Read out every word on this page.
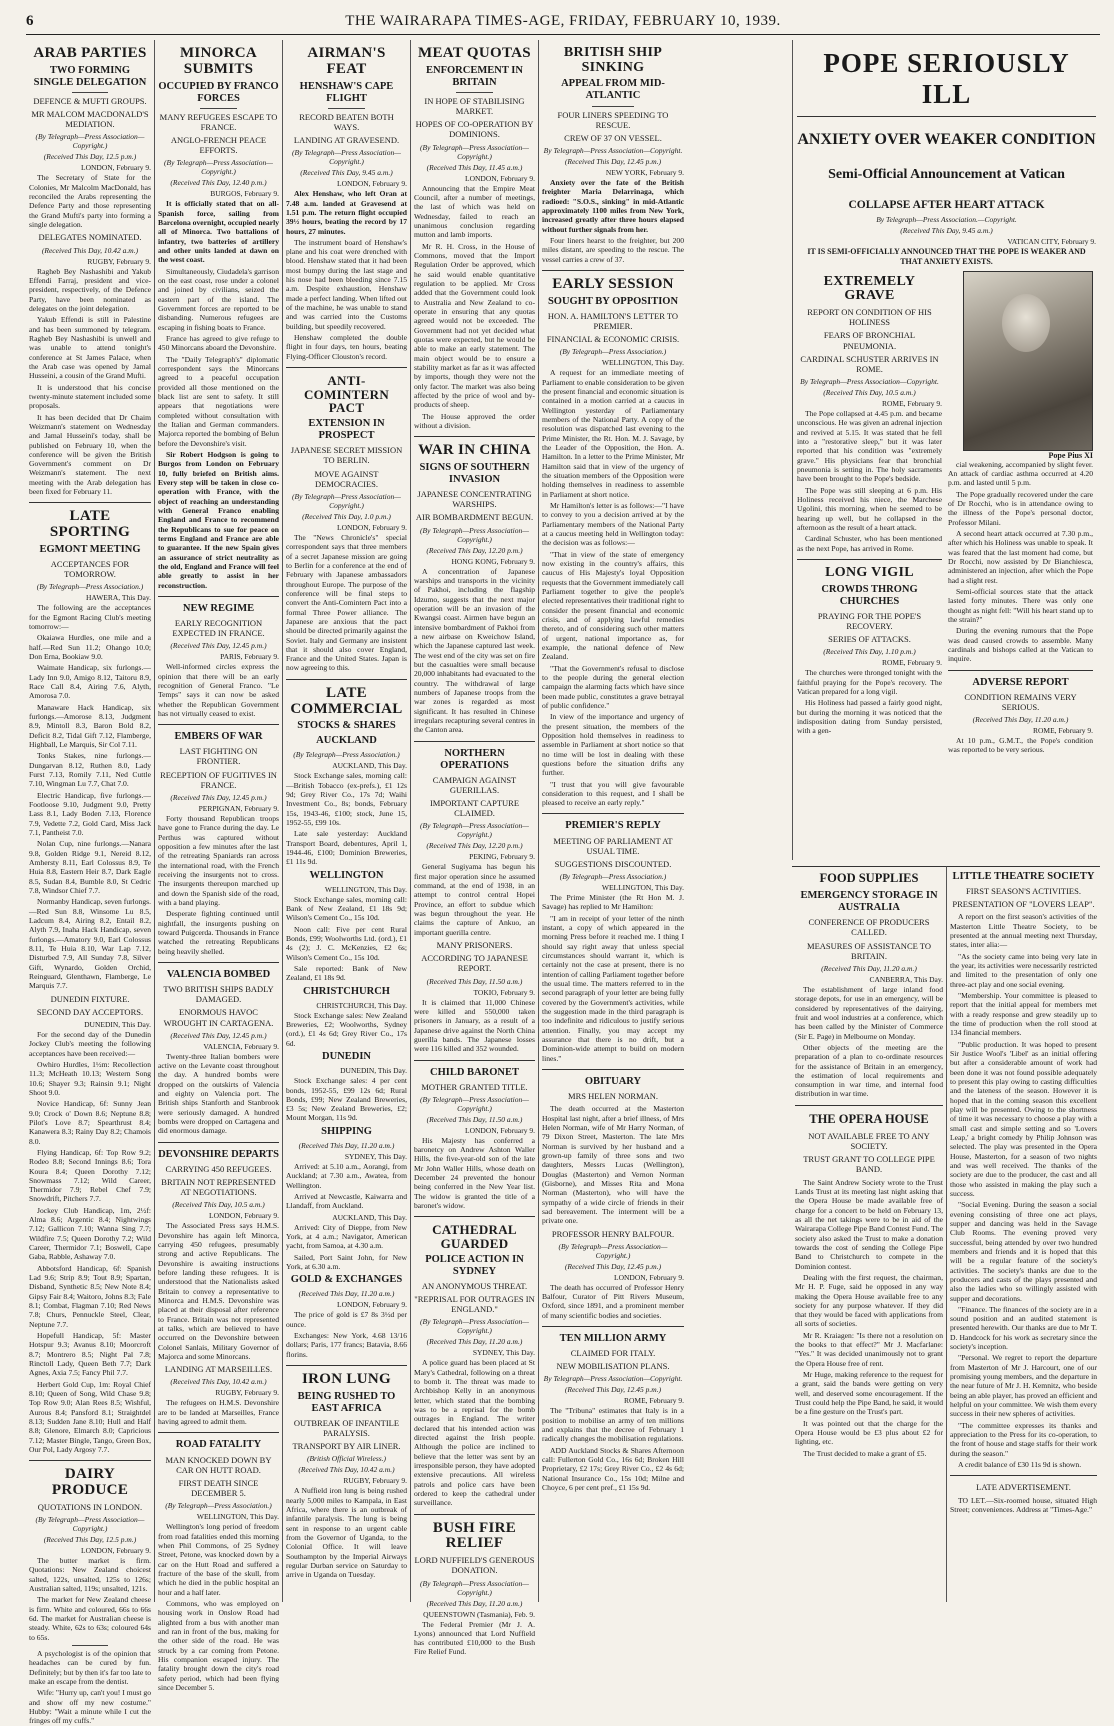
6	THE WAIRARAPA TIMES-AGE, FRIDAY, FEBRUARY 10, 1939.
ARAB PARTIES
TWO FORMING SINGLE DELEGATION
DEFENCE & MUFTI GROUPS.
MR MALCOM MACDONALD'S MEDIATION.
(By Telegraph—Press Association—Copyright.)
(Received This Day, 12.5 p.m.)
LONDON, February 9.

The Secretary of State for the Colonies, Mr Malcolm MacDonald, has reconciled the Arabs representing the Defence Party and those representing the Grand Mufti's party into forming a single delegation.

DELEGATES NOMINATED.
(Received This Day, 10.42 a.m.)
RUGBY, February 9.

Ragheb Bey Nashashibi and Yakub Effendi Farraj, president and vice-president, respectively, of the Defence Party, have been nominated as delegates on the joint delegation.

Yakub Effendi is still in Palestine and has been summoned by telegram. Ragheb Bey Nashashibi is unwell and was unable to attend tonight's conference at St James Palace, when the Arab case was opened by Jamal Husseini, a cousin of the Grand Mufti.

It is understood that his concise twenty-minute statement included some proposals.

It has been decided that Dr Chaim Weizmann's statement on Wednesday and Jamal Husseini's today, shall be published on February 10, when the conference will be given the British Government's comment on Dr Weizmann's statement. The next meeting with the Arab delegation has been fixed for February 11.

LATE SPORTING
EGMONT MEETING
ACCEPTANCES FOR TOMORROW.
(By Telegraph—Press Association.)
HAWERA, This Day.

The following are the acceptances for the Egmont Racing Club's meeting tomorrow:—

Okaiawa Hurdles, one mile and a half.—Red Sun 11.2; Ohango 10.0; Don Erna, Bookiaw 9.0.

Waimate Handicap, six furlongs.—Lady Inn 9.0, Amigo 8.12, Taitoru 8.9, Race Call 8.4, Airing 7.6, Alyth, Amorosa 7.0.

Manaware Hack Handicap, six furlongs.—Amorose 8.13, Judgment 8.9, Mintoll 8.3, Baron Bold 8.2, Deficit 8.2, Tidal Gift 7.12, Flamberge, Highball, Le Marquis, Sir Col 7.11.

Tonks Stakes, nine furlongs.—Dungarvan 8.12, Ruthen 8.0, Lady Furst 7.13, Romily 7.11, Ned Cuttle 7.10, Wingman Lu 7.7, Chat 7.0.

Electric Handicap, five furlongs.—Footloose 9.10, Judgment 9.0, Pretty Lass 8.1, Lady Boden 7.13, Florence 7.9, Vedette 7.2, Gold Card, Miss Jack 7.1, Pantheist 7.0.

Nolan Cup, nine furlongs.—Nanara 9.8, Golden Ridge 9.1, Nereid 8.12, Amhersty 8.11, Earl Colossus 8.9, Te Huia 8.8, Eastern Heir 8.7, Dark Eagle 8.5, Sudan 8.4, Bumble 8.0, St Cedric 7.8, Windsor Chief 7.7.

Normanby Handicap, seven furlongs.—Red Sun 8.8, Winsome Lu 8.5, Ladcum 8.4, Airing 8.2, Entail 8.2, Alyth 7.9, Inaha Hack Handicap, seven furlongs.—Amatory 9.0, Earl Colossus 8.11, Te Huia 8.10, War Lap 7.12, Disturbed 7.9, All Sunday 7.8, Silver Gift, Wynardo, Golden Orchid, Reinguard, Glenthawn, Flamberge, Le Marquis 7.7.

DUNEDIN FIXTURE.
SECOND DAY ACCEPTORS.
DUNEDIN, This Day.

For the second day of the Dunedin Jockey Club's meeting the following acceptances have been received:—

Owhiro Hurdles, 1½m: Recollection 11.3; McHeath 10.13; Western Song 10.6; Shayer 9.3; Rainsin 9.1; Night Shoot 9.0.

Novice Handicap, 6f: Sunny Jean 9.0; Crock o' Down 8.6; Neptune 8.8; Pilot's Love 8.7; Spearthrust 8.4; Kanawera 8.3; Rainy Day 8.2; Chamois 8.0.

Flying Handicap, 6f: Top Row 9.2; Rodeo 8.8; Second Innings 8.6; Tora Koura 8.4; Queen Dorothy 7.12; Snowmass 7.12; Wild Career, Thermidor 7.9; Rebel Chef 7.9; Snowdrift, Pitchers 7.7.

Jockey Club Handicap, 1m, 2½f: Alma 8.6; Argentic 8.4; Nightwings 7.12; Gallicon 7.10; Wanna Sing 7.7; Wildfire 7.5; Queen Dorothy 7.2; Wild Career, Thermidor 7.1; Boswell, Cape Gaba, Rabble, Ashaway 7.0.

Abbotsford Handicap, 6f: Spanish Lad 9.6; Strip 8.9; Tout 8.9; Spartan, Disband, Synthetic 8.5; New Note 8.4; Gipsy Fair 8.4; Waitoro, Johns 8.3; Fale 8.1; Combat, Flagman 7.10; Red News 7.8; Churs, Pennuckle Steel, Clear, Neptune 7.7.

Hopefull Handicap, 5f: Master Hotspur 9.3; Avanus 8.10; Moorcroft 8.7; Montrero 8.5; Night Pal 7.8; Rinctoll Lady, Queen Beth 7.7; Dark Agnes, Axia 7.5; Fancy Phil 7.7.

Herbert Gold Cup, 1m: Royal Chief 8.10; Queen of Song, Wild Chase 9.8; Top Row 9.0; Alan Rees 8.5; Wishful, Aurous 8.4; Pansford 8.1; Straightdel 8.13; Sudden Jane 8.10; Hull and Half 8.8; Glenore, Elmarch 8.0; Capricious 7.12; Master Bingle, Tango, Green Box, Our Pol, Lady Argosy 7.7.

DAIRY PRODUCE
QUOTATIONS IN LONDON.
(By Telegraph—Press Association—Copyright.)
(Received This Day, 12.5 p.m.)
LONDON, February 9.

The butter market is firm. Quotations: New Zealand choicest salted, 122s, unsalted, 125s to 126s; Australian salted, 119s; unsalted, 121s.

The market for New Zealand cheese is firm. White and coloured, 66s to 66s 6d. The market for Australian cheese is steady. White, 62s to 63s; coloured 64s to 65s.

A psychologist is of the opinion that headaches can be cured by fun. Definitely; but by then it's far too late to make an escape from the dentist.

Wife: "Hurry up, can't you! I must go and show off my new costume." Hubby: "Wait a minute while I cut the fringes off my cuffs."

MINORCA SUBMITS
OCCUPIED BY FRANCO FORCES
MANY REFUGEES ESCAPE TO FRANCE.
ANGLO-FRENCH PEACE EFFORTS.
(By Telegraph—Press Association—Copyright.)
(Received This Day, 12.40 p.m.)
BURGOS, February 9.

It is officially stated that on all-Spanish force, sailing from Barcelona overnight, occupied nearly all of Minorca. Two battalions of infantry, two batteries of artillery and other units landed at dawn on the west coast.

Simultaneously, Ciudadela's garrison on the east coast, rose under a colonel and joined by civilians, seized the eastern part of the island. The Government forces are reported to be disbanding. Numerous refugees are escaping in fishing boats to France.

France has agreed to give refuge to 450 Minorcans aboard the Devonshire.

The "Daily Telegraph's" diplomatic correspondent says the Minorcans agreed to a peaceful occupation provided all those mentioned on the black list are sent to safety. It still appears that negotiations were completed without consultation with the Italian and German commanders. Majorca reported the bombing of Belun before the Devonshire's visit.

Sir Robert Hodgson is going to Burgos from London on February 10, fully briefed on British aims. Every step will be taken in close co-operation with France, with the object of reaching an understanding with General Franco enabling England and France to recommend the Republicans to sue for peace on terms England and France are able to guarantee. If the new Spain gives an assurance of strict neutrality as the old, England and France will feel able greatly to assist in her reconstruction.

NEW REGIME
EARLY RECOGNITION EXPECTED IN FRANCE.
(Received This Day, 12.45 p.m.)
PARIS, February 9.

Well-informed circles express the opinion that there will be an early recognition of General Franco. "Le Temps" says it can now be asked whether the Republican Government has not virtually ceased to exist.

EMBERS OF WAR
LAST FIGHTING ON FRONTIER.
RECEPTION OF FUGITIVES IN FRANCE.
(Received This Day, 12.45 p.m.)
PERPIGNAN, February 9.

Forty thousand Republican troops have gone to France during the day. Le Perthus was captured without opposition a few minutes after the last of the retreating Spaniards ran across the international road, with the French receiving the insurgents not to cross. The insurgents thereupon marched up and down the Spanish side of the road, with a band playing.

Desperate fighting continued until nightfall, the insurgents pushing on toward Puigcerda. Thousands in France watched the retreating Republicans being heavily shelled.

VALENCIA BOMBED
TWO BRITISH SHIPS BADLY DAMAGED.
ENORMOUS HAVOC WROUGHT IN CARTAGENA.
(Received This Day, 12.45 p.m.)
VALENCIA, February 9.

Twenty-three Italian bombers were active on the Levante coast throughout the day. A hundred bombs were dropped on the outskirts of Valencia and eighty on Valencia port. The British ships Stanforth and Stanbrook were seriously damaged. A hundred bombs were dropped on Cartagena and did enormous damage.

DEVONSHIRE DEPARTS
CARRYING 450 REFUGEES.
BRITAIN NOT REPRESENTED AT NEGOTIATIONS.
(Received This Day, 10.5 a.m.)
LONDON, February 9.

The Associated Press says H.M.S. Devonshire has again left Minorca, carrying 450 refugees, presumably strong and active Republicans. The Devonshire is awaiting instructions before landing these refugees. It is understood that the Nationalists asked Britain to convey a representative to Minorca and H.M.S. Devonshire was placed at their disposal after reference to France. Britain was not represented at talks, which are believed to have occurred on the Devonshire between Colonel Sanlais, Military Governor of Majorca and some Minorcans.

LANDING AT MARSEILLES.
(Received This Day, 10.42 a.m.)
RUGBY, February 9.

The refugees on H.M.S. Devonshire are to be landed at Marseilles, France having agreed to admit them.

ROAD FATALITY
MAN KNOCKED DOWN BY CAR ON HUTT ROAD.
FIRST DEATH SINCE DECEMBER 5.
(By Telegraph—Press Association.)
WELLINGTON, This Day.

Wellington's long period of freedom from road fatalities ended this morning when Phil Commons, of 25 Sydney Street, Petone, was knocked down by a car on the Hutt Road and suffered a fracture of the base of the skull, from which he died in the public hospital an hour and a half later.

Commons, who was employed on housing work in Onslow Road had alighted from a bus with another man and ran in front of the bus, making for the other side of the road. He was struck by a car coming from Petone. His companion escaped injury. The fatality brought down the city's road safety period, which had been flying since December 5.

AIRMAN'S FEAT
HENSHAW'S CAPE FLIGHT
RECORD BEATEN BOTH WAYS.
LANDING AT GRAVESEND.
(By Telegraph—Press Association—Copyright.)
(Received This Day, 9.45 a.m.)
LONDON, February 9.

Alex Henshaw, who left Oran at 7.48 a.m. landed at Gravesend at 1.51 p.m. The return flight occupied 39½ hours, beating the record by 17 hours, 27 minutes.

The instrument board of Henshaw's plane and his coat were drenched with blood. Henshaw stated that it had been most bumpy during the last stage and his nose had been bleeding since 7.15 a.m. Despite exhaustion, Henshaw made a perfect landing. When lifted out of the machine, he was unable to stand and was carried into the Customs building, but speedily recovered.

Henshaw completed the double flight in four days, ten hours, beating Flying-Officer Clouston's record.

ANTI-COMINTERN PACT
EXTENSION IN PROSPECT
JAPANESE SECRET MISSION TO BERLIN.
MOVE AGAINST DEMOCRACIES.
(By Telegraph—Press Association—Copyright.)
(Received This Day, 1.0 p.m.)
LONDON, February 9.

The "News Chronicle's" special correspondent says that three members of a secret Japanese mission are going to Berlin for a conference at the end of February with Japanese ambassadors throughout Europe. The purpose of the conference will be final steps to convert the Anti-Comintern Pact into a formal Three Power alliance. The Japanese are anxious that the pact should be directed primarily against the Soviet. Italy and Germany are insistent that it should also cover England, France and the United States. Japan is now agreeing to this.

LATE COMMERCIAL
STOCKS & SHARES
AUCKLAND
(By Telegraph—Press Association.)
AUCKLAND, This Day.

Stock Exchange sales, morning call: —British Tobacco (ex-prefs.), £1 12s 9d; Grey River Co., 17s 7d; Waihi Investment Co., 8s; bonds, February 15s, 1943-46, £100; stock, June 15, 1952-55, £99 10s.

Late sale yesterday: Auckland Transport Board, debentures, April 1, 1944-46, £100; Dominion Breweries, £1 11s 9d.

WELLINGTON
WELLINGTON, This Day.

Stock Exchange sales, morning call: Bank of New Zealand, £1 18s 9d; Wilson's Cement Co., 15s 10d.

Noon call: Five per cent Rural Bonds, £99; Woolworths Ltd. (ord.), £1 4s (2); J. C. McKenzies, £2 6s; Wilson's Cement Co., 15s 10d.

Sale reported: Bank of New Zealand, £1 18s 9d.

CHRISTCHURCH
CHRISTCHURCH, This Day.

Stock Exchange sales: New Zealand Breweries, £2; Woolworths, Sydney (ord.), £1 4s 6d; Grey River Co., 17s 6d.

DUNEDIN
DUNEDIN, This Day.

Stock Exchange sales: 4 per cent bonds, 1952-55, £99 12s 6d; Rural Bonds, £99; New Zealand Breweries, £3 5s; New Zealand Breweries, £2; Mount Morgan, 11s 9d.

SHIPPING
(Received This Day, 11.20 a.m.)
SYDNEY, This Day.

Arrived: at 5.10 a.m., Aorangi, from Auckland; at 7.30 a.m., Awatea, from Wellington.

Arrived at Newcastle, Kaiwarra and Llandaff, from Auckland.

AUCKLAND, This Day.

Arrived: City of Dieppe, from New York, at 4 a.m.; Navigator, American yacht, from Samoa, at 4.30 a.m.

Sailed, Port Saint John, for New York, at 6.30 a.m.

GOLD & EXCHANGES
(Received This Day, 11.20 a.m.)
LONDON, February 9.

The price of gold is £7 8s 3½d per ounce.

Exchanges: New York, 4.68 13/16 dollars; Paris, 177 francs; Batavia, 8.66 florins.

IRON LUNG
BEING RUSHED TO EAST AFRICA
OUTBREAK OF INFANTILE PARALYSIS.
TRANSPORT BY AIR LINER.
(British Official Wireless.)
(Received This Day, 10.42 a.m.)
RUGBY, February 9.

A Nuffield iron lung is being rushed nearly 5,000 miles to Kampala, in East Africa, where there is an outbreak of infantile paralysis. The lung is being sent in response to an urgent cable from the Governor of Uganda, to the Colonial Office. It will leave Southampton by the Imperial Airways regular Durban service on Saturday to arrive in Uganda on Tuesday.

MEAT QUOTAS
ENFORCEMENT IN BRITAIN
IN HOPE OF STABILISING MARKET.
HOPES OF CO-OPERATION BY DOMINIONS.
(By Telegraph—Press Association—Copyright.)
(Received This Day, 11.45 a.m.)
LONDON, February 9.

Announcing that the Empire Meat Council, after a number of meetings, the last of which was held on Wednesday, failed to reach an unanimous conclusion regarding mutton and lamb imports.

Mr R. H. Cross, in the House of Commons, moved that the Import Regulation Order be approved, which he said would enable quantitative regulation to be applied. Mr Cross added that the Government could look to Australia and New Zealand to co-operate in ensuring that any quotas agreed would not be exceeded. The Government had not yet decided what quotas were expected, but he would be able to make an early statement. The main object would be to ensure a stability market as far as it was affected by imports, though they were not the only factor. The market was also being affected by the price of wool and by-products of sheep.

The House approved the order without a division.

WAR IN CHINA
SIGNS OF SOUTHERN INVASION
JAPANESE CONCENTRATING WARSHIPS.
AIR BOMBARDMENT BEGUN.
(By Telegraph—Press Association—Copyright.)
(Received This Day, 12.20 p.m.)
HONG KONG, February 9.

A concentration of Japanese warships and transports in the vicinity of Pakhoi, including the flagship Idzumo, suggests that the next major operation will be an invasion of the Kwangsi coast. Airmen have begun an intensive bombardment of Pakhoi from a new airbase on Kweichow Island, which the Japanese captured last week. The west end of the city was set on fire but the casualties were small because 20,000 inhabitants had evacuated to the country. The withdrawal of large numbers of Japanese troops from the war zones is regarded as most significant. It has resulted in Chinese irregulars recapturing several centres in the Canton area.

NORTHERN OPERATIONS
CAMPAIGN AGAINST GUERILLAS.
IMPORTANT CAPTURE CLAIMED.
(By Telegraph—Press Association—Copyright.)
(Received This Day, 12.20 p.m.)
PEKING, February 9.

General Sugiyama has begun his first major operation since he assumed command, at the end of 1938, in an attempt to control central Hopei Province, an effort to subdue which was begun throughout the year. He claims the capture of Ankuo, an important guerilla centre.

MANY PRISONERS.
ACCORDING TO JAPANESE REPORT.
(Received This Day, 11.50 a.m.)
TOKIO, February 9.

It is claimed that 11,000 Chinese were killed and 550,000 taken prisoners in January, as a result of a Japanese drive against the North China guerilla bands. The Japanese losses were 116 killed and 352 wounded.

CHILD BARONET
MOTHER GRANTED TITLE.
(By Telegraph—Press Association—Copyright.)
(Received This Day, 11.50 a.m.)
LONDON, February 9.

His Majesty has conferred a baronetcy on Andrew Ashton Waller Hills, the five-year-old son of the late Mr John Waller Hills, whose death on December 24 prevented the honour being conferred in the New Year list. The widow is granted the title of a baronet's widow.

CATHEDRAL GUARDED
POLICE ACTION IN SYDNEY
AN ANONYMOUS THREAT.
"REPRISAL FOR OUTRAGES IN ENGLAND."
(By Telegraph—Press Association—Copyright.)
(Received This Day, 11.20 a.m.)
SYDNEY, This Day.

A police guard has been placed at St Mary's Cathedral, following on a threat to bomb it. The threat was made to Archbishop Kelly in an anonymous letter, which stated that the bombing was to be a reprisal for the bomb outrages in England. The writer declared that his intended action was directed against the Irish people. Although the police are inclined to believe that the letter was sent by an irresponsible person, they have adopted extensive precautions. All wireless patrols and police cars have been ordered to keep the cathedral under surveillance.

BUSH FIRE RELIEF
LORD NUFFIELD'S GENEROUS DONATION.
(By Telegraph—Press Association—Copyright.)
(Received This Day, 11.20 a.m.)
QUEENSTOWN (Tasmania), Feb. 9.

The Federal Premier (Mr J. A. Lyons) announced that Lord Nuffield has contributed £10,000 to the Bush Fire Relief Fund.

BRITISH SHIP SINKING
APPEAL FROM MID-ATLANTIC
FOUR LINERS SPEEDING TO RESCUE.
CREW OF 37 ON VESSEL.
By Telegraph—Press Association—Copyright.
(Received This Day, 12.45 p.m.)
NEW YORK, February 9.

Anxiety over the fate of the British freighter Maria Delarrinaga, which radioed: "S.O.S., sinking" in mid-Atlantic approximately 1100 miles from New York, increased greatly after three hours elapsed without further signals from her.

Four liners hearst to the freighter, but 200 miles distant, are speeding to the rescue. The vessel carries a crew of 37.

EARLY SESSION
SOUGHT BY OPPOSITION
HON. A. HAMILTON'S LETTER TO PREMIER.
FINANCIAL & ECONOMIC CRISIS.
(By Telegraph—Press Association.)
WELLINGTON, This Day.

A request for an immediate meeting of Parliament to enable consideration to be given the present financial and economic situation is contained in a motion carried at a caucus in Wellington yesterday of Parliamentary members of the National Party. A copy of the resolution was dispatched last evening to the Prime Minister, the Rt. Hon. M. J. Savage, by the Leader of the Opposition, the Hon. A. Hamilton. In a letter to the Prime Minister, Mr Hamilton said that in view of the urgency of the situation members of the Opposition were holding themselves in readiness to assemble in Parliament at short notice.

Mr Hamilton's letter is as follows:—"I have to convey to you a decision arrived at by the Parliamentary members of the National Party at a caucus meeting held in Wellington today: the decision was as follows:—

"That in view of the state of emergency now existing in the country's affairs, this caucus of His Majesty's loyal Opposition requests that the Government immediately call Parliament together to give the people's elected representatives their traditional right to consider the present financial and economic crisis, and of applying lawful remedies thereto, and of considering such other matters of urgent, national importance as, for example, the national defence of New Zealand.

"That the Government's refusal to disclose to the people during the general election campaign the alarming facts which have since been made public, constitutes a grave betrayal of public confidence."

In view of the importance and urgency of the present situation, the members of the Opposition hold themselves in readiness to assemble in Parliament at short notice so that no time will be lost in dealing with these questions before the situation drifts any further.

"I trust that you will give favourable consideration to this request, and I shall be pleased to receive an early reply."

PREMIER'S REPLY
MEETING OF PARLIAMENT AT USUAL TIME.
SUGGESTIONS DISCOUNTED.
(By Telegraph—Press Association.)
WELLINGTON, This Day.

The Prime Minister (the Rt Hon M. J. Savage) has replied to Mr Hamilton:

"I am in receipt of your letter of the ninth instant, a copy of which appeared in the morning Press before it reached me. I thing I should say right away that unless special circumstances should warrant it, which is certainly not the case at present, there is no intention of calling Parliament together before the usual time. The matters referred to in the second paragraph of your letter are being fully covered by the Government's activities, while the suggestion made in the third paragraph is too indefinite and ridiculous to justify serious attention. Finally, you may accept my assurance that there is no drift, but a Dominion-wide attempt to build on modern lines."

OBITUARY
MRS HELEN NORMAN.

The death occurred at the Masterton Hospital last night, after a brief illness, of Mrs Helen Norman, wife of Mr Harry Norman, of 79 Dixon Street, Masterton. The late Mrs Norman is survived by her husband and a grown-up family of three sons and two daughters, Messrs Lucas (Wellington), Douglas (Masterton) and Vernon Norman (Gisborne), and Misses Rita and Mona Norman (Masterton), who will have the sympathy of a wide circle of friends in their sad bereavement. The interment will be a private one.

PROFESSOR HENRY BALFOUR.
(By Telegraph—Press Association—Copyright.)
(Received This Day, 12.45 p.m.)
LONDON, February 9.

The death has occurred of Professor Henry Balfour, Curator of Pitt Rivers Museum, Oxford, since 1891, and a prominent member of many scientific bodies and societies.

TEN MILLION ARMY
CLAIMED FOR ITALY.
NEW MOBILISATION PLANS.
By Telegraph—Press Association—Copyright.
(Received This Day, 12.45 p.m.)
ROME, February 9.

The "Tribuna" estimates that Italy is in a position to mobilise an army of ten millions and explains that the decree of February 1 radically changes the mobilisation regulations.

ADD Auckland Stocks & Shares Afternoon call: Fullerton Gold Co., 16s 6d; Broken Hill Proprietary, £2 17s; Grey River Co., £2 4s 6d; National Insurance Co., 15s 10d; Milne and Choyce, 6 per cent pref., £1 15s 9d.

POPE SERIOUSLY ILL
ANXIETY OVER WEAKER CONDITION
Semi-Official Announcement at Vatican
COLLAPSE AFTER HEART ATTACK
By Telegraph—Press Association.—Copyright.
(Received This Day, 9.45 a.m.)
VATICAN CITY, February 9.

IT IS SEMI-OFFICIALLY ANNOUNCED THAT THE POPE IS WEAKER AND THAT ANXIETY EXISTS.

EXTREMELY GRAVE
REPORT ON CONDITION OF HIS HOLINESS
FEARS OF BRONCHIAL PNEUMONIA.
CARDINAL SCHUSTER ARRIVES IN ROME.
By Telegraph—Press Association—Copyright.
(Received This Day, 10.5 a.m.)
ROME, February 9.

The Pope collapsed at 4.45 p.m. and became unconscious. He was given an adrenal injection and revived at 5.15. It was stated that he fell into a "restorative sleep," but it was later reported that his condition was "extremely grave." His physicians fear that bronchial pneumonia is setting in. The holy sacraments have been brought to the Pope's bedside.

The Pope was still sleeping at 6 p.m. His Holiness received his niece, the Marchese Ugolini, this morning, when he seemed to be hearing up well, but he collapsed in the afternoon as the result of a heart attack.

Cardinal Schuster, who has been mentioned as the next Pope, has arrived in Rome.

LONG VIGIL
CROWDS THRONG CHURCHES
PRAYING FOR THE POPE'S RECOVERY.
SERIES OF ATTACKS.
(Received This Day, 1.10 p.m.)
ROME, February 9.

The churches were thronged tonight with the faithful praying for the Pope's recovery. The Vatican prepared for a long vigil.

His Holiness had passed a fairly good night, but during the morning it was noticed that the indisposition dating from Sunday persisted, with a gen-

Pope Pius XI

cial weakening, accompanied by slight fever. An attack of cardiac asthma occurred at 4.20 p.m. and lasted until 5 p.m.

The Pope gradually recovered under the care of Dr Rocchi, who is in attendance owing to the illness of the Pope's personal doctor, Professor Milani.

A second heart attack occurred at 7.30 p.m., after which his Holiness was unable to speak. It was feared that the last moment had come, but Dr Rocchi, now assisted by Dr Bianchiesca, administered an injection, after which the Pope had a slight rest.

Semi-official sources state that the attack lasted forty minutes. There was only one thought as night fell: "Will his heart stand up to the strain?"

During the evening rumours that the Pope was dead caused crowds to assemble. Many cardinals and bishops called at the Vatican to inquire.

ADVERSE REPORT
CONDITION REMAINS VERY SERIOUS.
(Received This Day, 11.20 a.m.)
ROME, February 9.

At 10 p.m., G.M.T., the Pope's condition was reported to be very serious.

FOOD SUPPLIES
EMERGENCY STORAGE IN AUSTRALIA
CONFERENCE OF PRODUCERS CALLED.
MEASURES OF ASSISTANCE TO BRITAIN.
(Received This Day, 11.20 a.m.)
CANBERRA, This Day.

The establishment of large inland food storage depots, for use in an emergency, will be considered by representatives of the dairying, fruit and wool industries at a conference, which has been called by the Minister of Commerce (Sir E. Page) in Melbourne on Monday.

Other objects of the meeting are the preparation of a plan to co-ordinate resources for the assistance of Britain in an emergency, the estimation of local requirements and consumption in war time, and internal food distribution in war time.

THE OPERA HOUSE
NOT AVAILABLE FREE TO ANY SOCIETY.
TRUST GRANT TO COLLEGE PIPE BAND.

The Saint Andrew Society wrote to the Trust Lands Trust at its meeting last night asking that the Opera House be made available free of charge for a concert to be held on February 13, as all the net takings were to be in aid of the Wairarapa College Pipe Band Contest Fund. The society also asked the Trust to make a donation towards the cost of sending the College Pipe Band to Christchurch to compete in the Dominion contest.

Dealing with the first request, the chairman, Mr H. P. Fuge, said he opposed in any way making the Opera House available free to any society for any purpose whatever. If they did that they would be faced with applications from all sorts of societies.

Mr R. Kraiagen: "Is there not a resolution on the books to that effect?" Mr J. Macfarlane: "Yes." It was decided unanimously not to grant the Opera House free of rent.

Mr Huge, making reference to the request for a grant, said the bands were getting on very well, and deserved some encouragement. If the Trust could help the Pipe Band, he said, it would be a fine gesture on the Trust's part.

It was pointed out that the charge for the Opera House would be £3 plus about £2 for lighting, etc.

The Trust decided to make a grant of £5.

LITTLE THEATRE SOCIETY
FIRST SEASON'S ACTIVITIES.
PRESENTATION OF "LOVERS LEAP".

A report on the first season's activities of the Masterton Little Theatre Society, to be presented at the annual meeting next Thursday, states, inter alia:—

"As the society came into being very late in the year, its activities were necessarily restricted and limited to the presentation of only one three-act play and one social evening.

"Membership. Your committee is pleased to report that the initial appeal for members met with a ready response and grew steadily up to the time of production when the roll stood at 134 financial members.

"Public production. It was hoped to present Sir Justice Wool's 'Libel' as an initial offering but after a considerable amount of work had been done it was not found possible adequately to present this play owing to casting difficulties and the lateness of the season. However it is hoped that in the coming season this excellent play will be presented. Owing to the shortness of time it was necessary to choose a play with a small cast and simple setting and so 'Lovers Leap,' a bright comedy by Philip Johnson was selected. The play was presented in the Opera House, Masterton, for a season of two nights and was well received. The thanks of the society are due to the producer, the cast and all those who assisted in making the play such a success.

"Social Evening. During the season a social evening consisting of three one act plays, supper and dancing was held in the Savage Club Rooms. The evening proved very successful, being attended by over two hundred members and friends and it is hoped that this will be a regular feature of the society's activities. The society's thanks are due to the producers and casts of the plays presented and also the ladies who so willingly assisted with supper and decorations.

"Finance. The finances of the society are in a sound position and an audited statement is presented herewith. Our thanks are due to Mr T. D. Handcock for his work as secretary since the society's inception.

"Personal. We regret to report the departure from Masterton of Mr J. Harcourt, one of our promising young members, and the departure in the near future of Mr J. H. Kemnitz, who beside being an able player, has proved an efficient and helpful on your committee. We wish them every success in their new spheres of activities.

"The committee expresses its thanks and appreciation to the Press for its co-operation, to the front of house and stage staffs for their work during the season."

A credit balance of £30 11s 9d is shown.

LATE ADVERTISEMENT.

TO LET.—Six-roomed house, situated High Street; conveniences. Address at "Times-Age."
